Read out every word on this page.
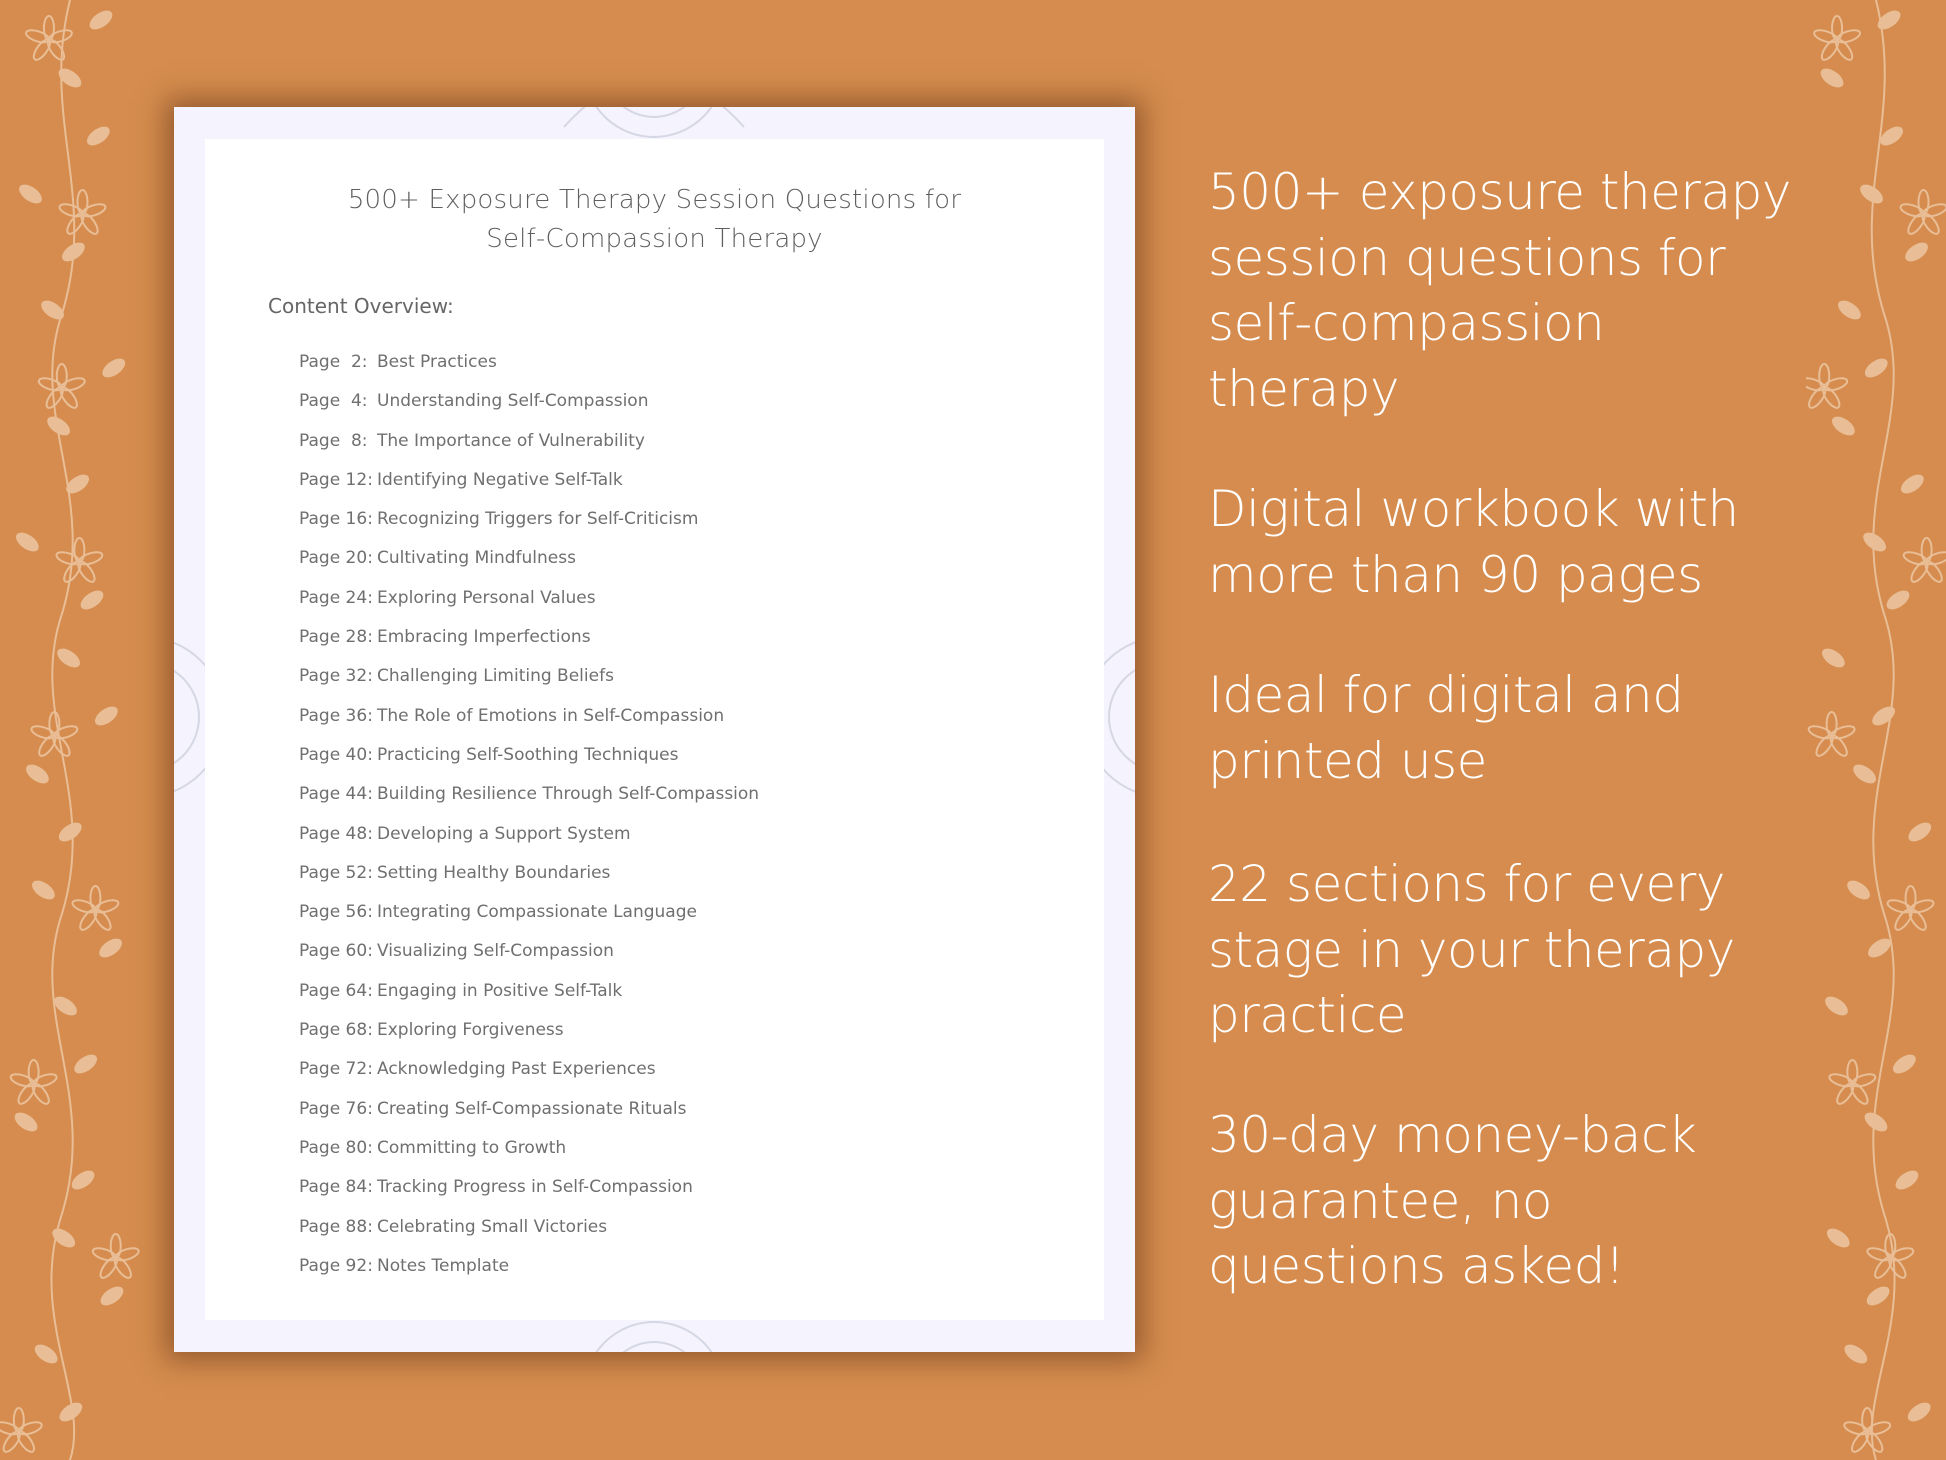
500+ Exposure Therapy Session Questions for
Self-Compassion Therapy
Content Overview:
Page  2: Best Practices
Page  4: Understanding Self-Compassion
Page  8: The Importance of Vulnerability
Page 12: Identifying Negative Self-Talk
Page 16: Recognizing Triggers for Self-Criticism
Page 20: Cultivating Mindfulness
Page 24: Exploring Personal Values
Page 28: Embracing Imperfections
Page 32: Challenging Limiting Beliefs
Page 36: The Role of Emotions in Self-Compassion
Page 40: Practicing Self-Soothing Techniques
Page 44: Building Resilience Through Self-Compassion
Page 48: Developing a Support System
Page 52: Setting Healthy Boundaries
Page 56: Integrating Compassionate Language
Page 60: Visualizing Self-Compassion
Page 64: Engaging in Positive Self-Talk
Page 68: Exploring Forgiveness
Page 72: Acknowledging Past Experiences
Page 76: Creating Self-Compassionate Rituals
Page 80: Committing to Growth
Page 84: Tracking Progress in Self-Compassion
Page 88: Celebrating Small Victories
Page 92: Notes Template
500+ exposure therapy
session questions for
self-compassion
therapy
Digital workbook with
more than 90 pages
Ideal for digital and
printed use
22 sections for every
stage in your therapy
practice
30-day money-back
guarantee, no
questions asked!
